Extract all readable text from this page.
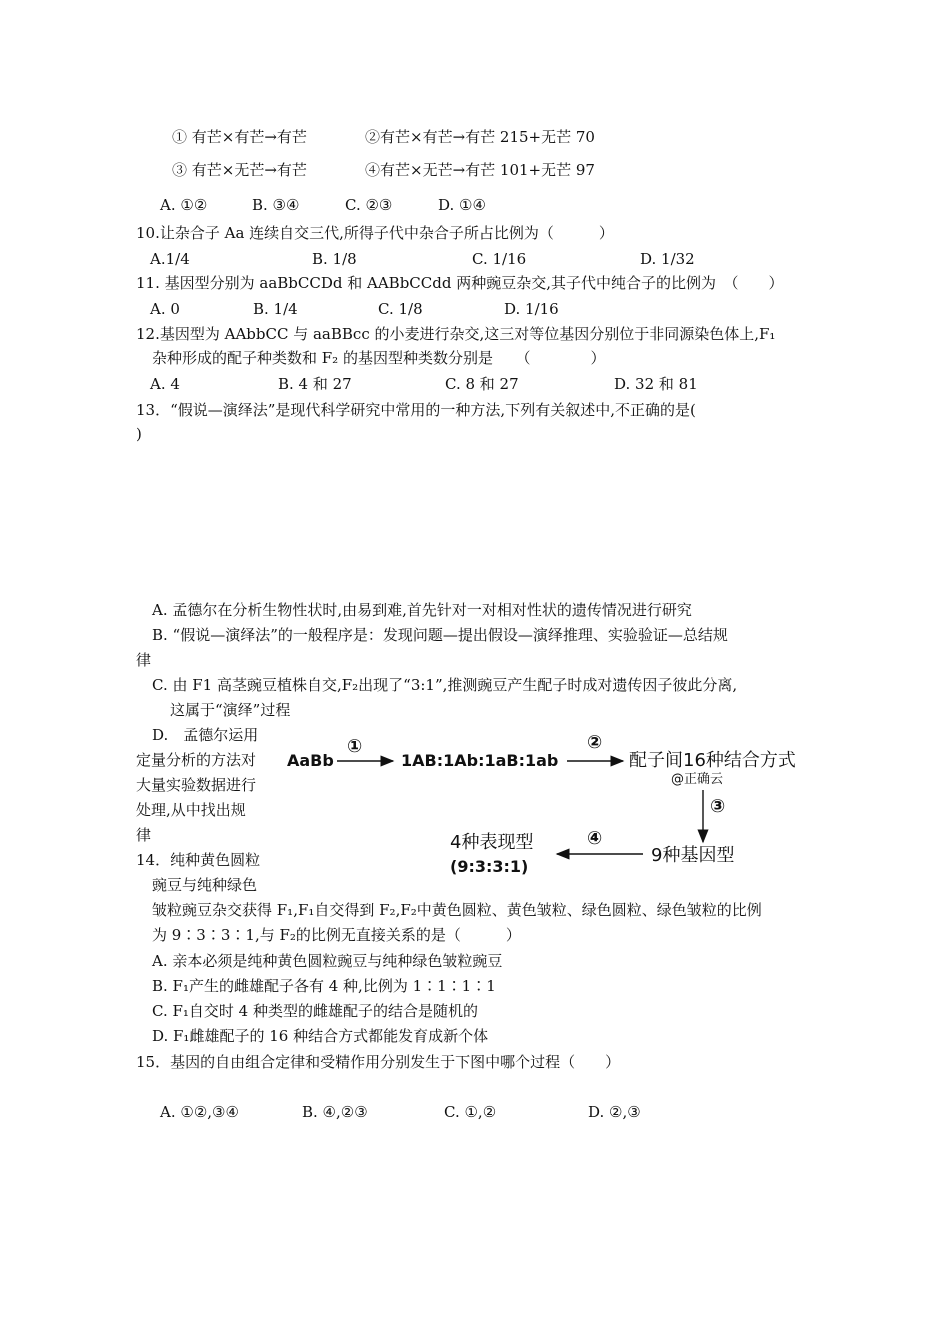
① 有芒×有芒→有芒	②有芒×有芒→有芒 215+无芒 70
③ 有芒×无芒→有芒	④有芒×无芒→有芒 101+无芒 97
A. ①②	B. ③④	C. ②③	D. ①④
10.让杂合子 Aa 连续自交三代,所得子代中杂合子所占比例为（　　　）
A.1/4	B. 1/8	C. 1/16	D. 1/32
11. 基因型分别为 aaBbCCDd 和 AABbCCdd 两种豌豆杂交,其子代中纯合子的比例为　（　　）
A. 0	B. 1/4	C. 1/8	D. 1/16
12.基因型为 AAbbCC 与 aaBBcc 的小麦进行杂交,这三对等位基因分别位于非同源染色体上,F₁
杂种形成的配子种类数和 F₂ 的基因型种类数分别是　　（　　　　）
A. 4	B. 4 和 27	C. 8 和 27	D. 32 和 81
13．“假说—演绎法”是现代科学研究中常用的一种方法,下列有关叙述中,不正确的是(
)
A. 孟德尔在分析生物性状时,由易到难,首先针对一对相对性状的遗传情况进行研究
B. “假说—演绎法”的一般程序是：发现问题—提出假设—演绎推理、实验验证—总结规
律
C. 由 F1 高茎豌豆植株自交,F₂出现了“3:1”,推测豌豆产生配子时成对遗传因子彼此分离,
这属于“演绎”过程
D.　孟德尔运用
定量分析的方法对
大量实验数据进行
处理,从中找出规
律
14．纯种黄色圆粒
豌豆与纯种绿色
皱粒豌豆杂交获得 F₁,F₁自交得到 F₂,F₂中黄色圆粒、黄色皱粒、绿色圆粒、绿色皱粒的比例
为 9∶3∶3∶1,与 F₂的比例无直接关系的是（　　　）
A. 亲本必须是纯种黄色圆粒豌豆与纯种绿色皱粒豌豆
B. F₁产生的雌雄配子各有 4 种,比例为 1∶1∶1∶1
C. F₁自交时 4 种类型的雌雄配子的结合是随机的
D. F₁雌雄配子的 16 种结合方式都能发育成新个体
15．基因的自由组合定律和受精作用分别发生于下图中哪个过程（　　）
A. ①②,③④	B. ④,②③	C. ①,②	D. ②,③
AaBb
①
1AB:1Ab:1aB:1ab
②
配子间16种结合方式
@正确云
③
9种基因型
④
4种表现型
(9:3:3:1)
